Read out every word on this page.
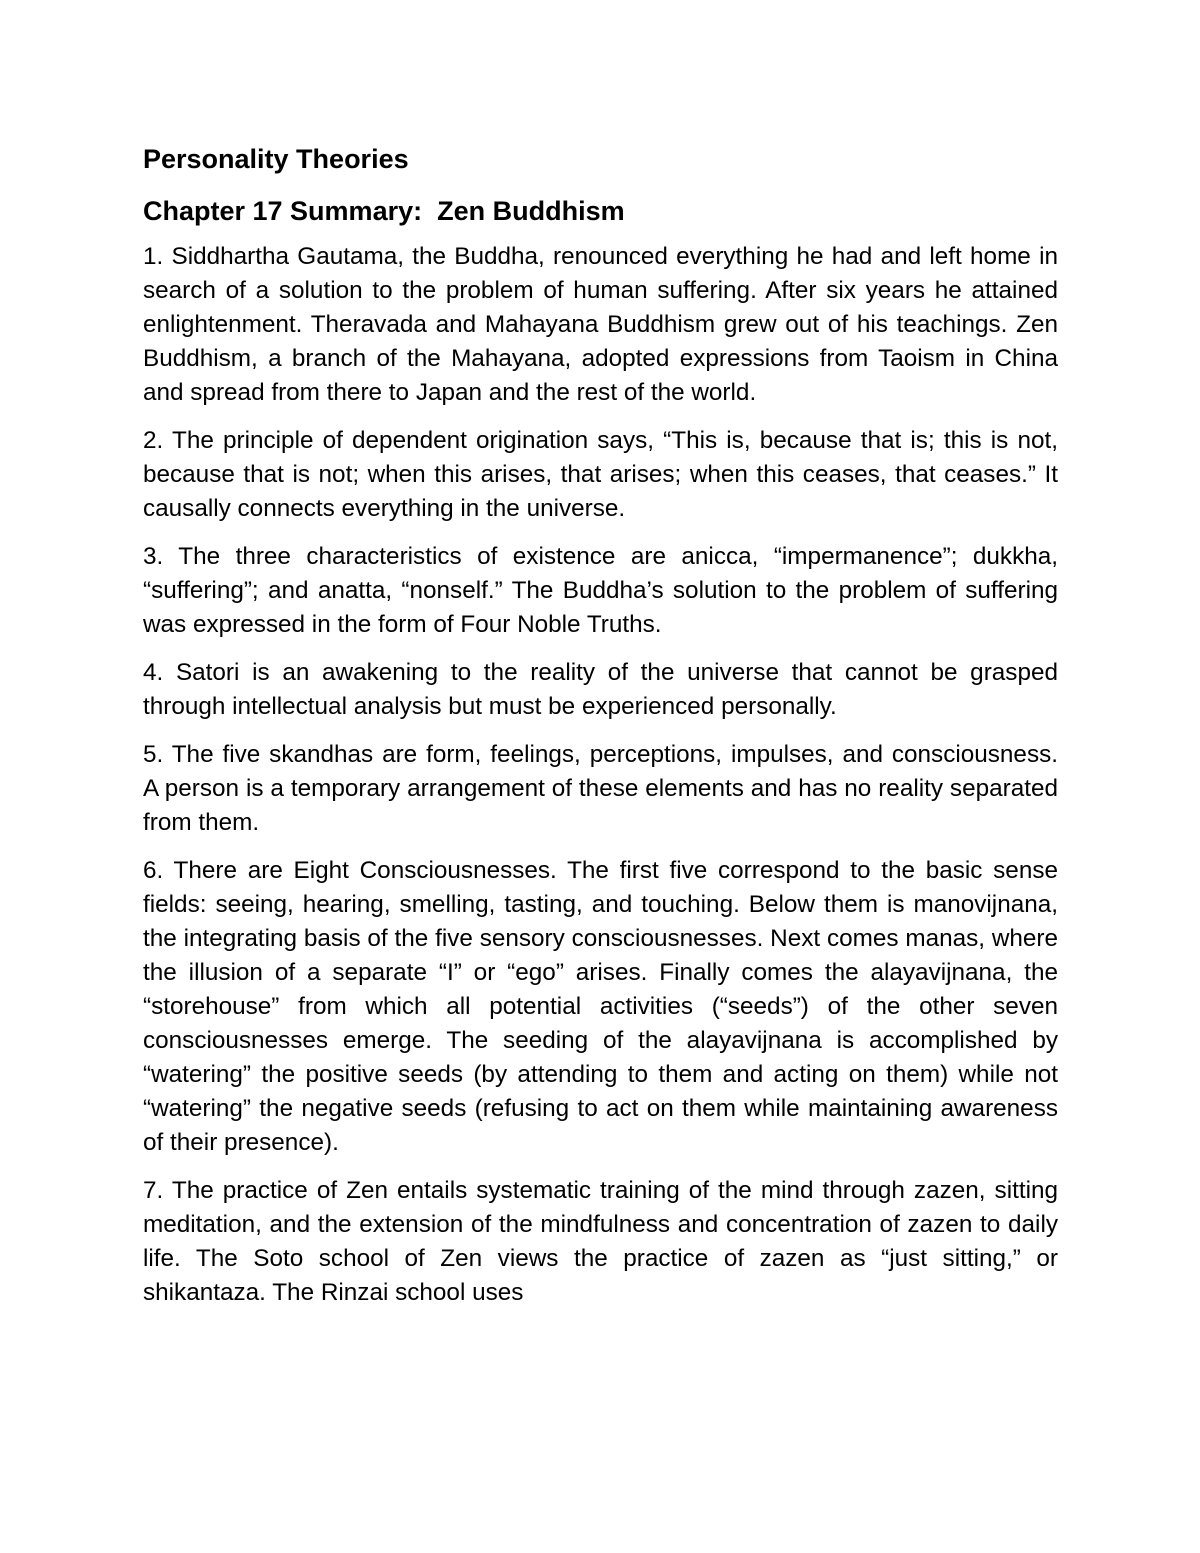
Personality Theories
Chapter 17 Summary:  Zen Buddhism

1. Siddhartha Gautama, the Buddha, renounced everything he had and left home in search of a solution to the problem of human suffering. After six years he attained enlightenment. Theravada and Mahayana Buddhism grew out of his teachings. Zen Buddhism, a branch of the Mahayana, adopted expressions from Taoism in China and spread from there to Japan and the rest of the world.

2. The principle of dependent origination says, “This is, because that is; this is not, because that is not; when this arises, that arises; when this ceases, that ceases.” It causally connects everything in the universe.

3. The three characteristics of existence are anicca, “impermanence”; dukkha, “suffering”; and anatta, “nonself.” The Buddha’s solution to the problem of suffering was expressed in the form of Four Noble Truths.

4. Satori is an awakening to the reality of the universe that cannot be grasped through intellectual analysis but must be experienced personally.

5. The five skandhas are form, feelings, perceptions, impulses, and consciousness. A person is a temporary arrangement of these elements and has no reality separated from them.

6. There are Eight Consciousnesses. The first five correspond to the basic sense fields: seeing, hearing, smelling, tasting, and touching. Below them is manovijnana, the integrating basis of the five sensory consciousnesses. Next comes manas, where the illusion of a separate “I” or “ego” arises. Finally comes the alayavijnana, the “storehouse” from which all potential activities (“seeds”) of the other seven consciousnesses emerge. The seeding of the alayavijnana is accomplished by “watering” the positive seeds (by attending to them and acting on them) while not “watering” the negative seeds (refusing to act on them while maintaining awareness of their presence).

7. The practice of Zen entails systematic training of the mind through zazen, sitting meditation, and the extension of the mindfulness and concentration of zazen to daily life. The Soto school of Zen views the practice of zazen as “just sitting,” or shikantaza. The Rinzai school uses
